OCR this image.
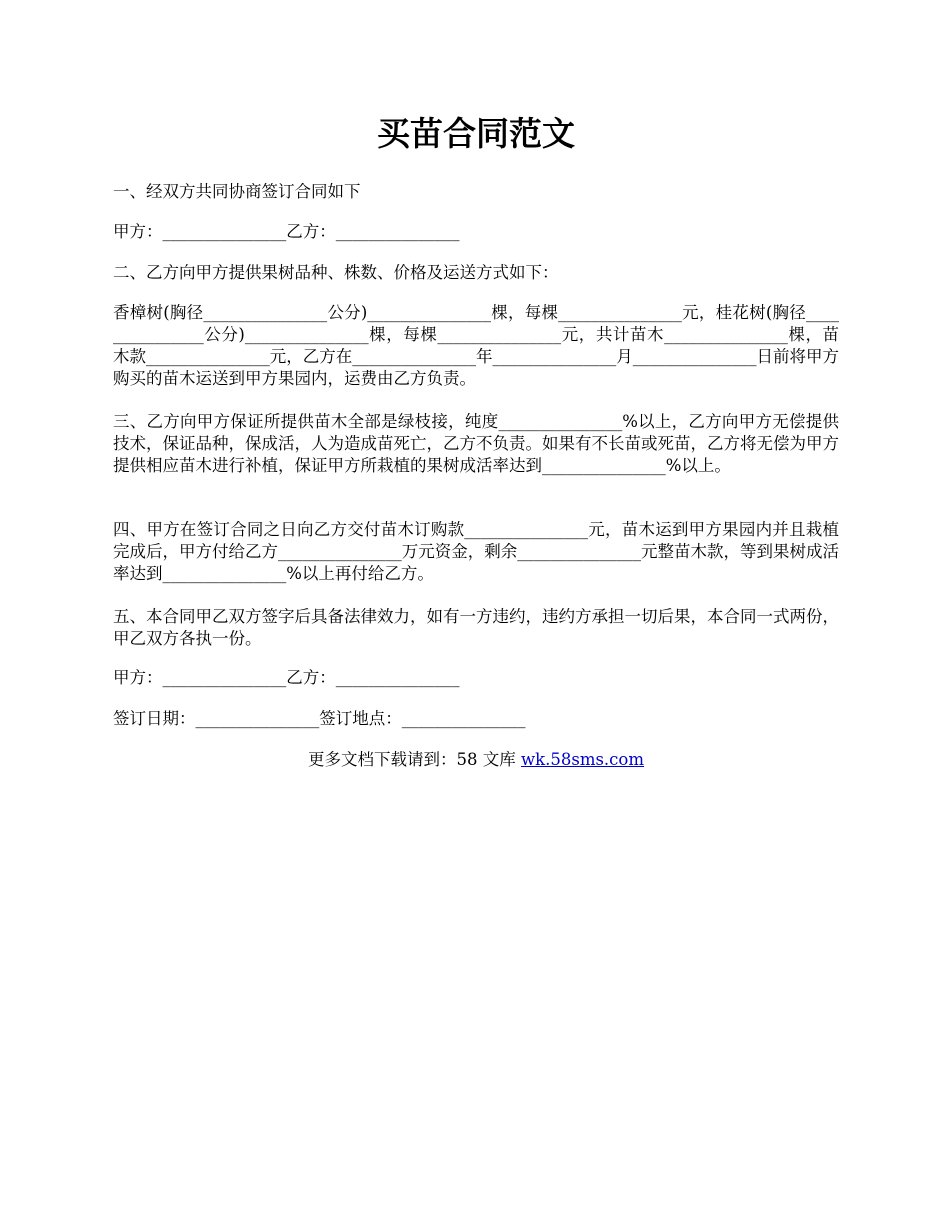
买苗合同范文

一、经双方共同协商签订合同如下

甲方：_______________乙方：_______________

二、乙方向甲方提供果树品种、株数、价格及运送方式如下：

香樟树(胸径_______________公分)_______________棵，每棵_______________元，桂花树(胸径_______________公分)_______________棵，每棵_______________元，共计苗木_______________棵，苗木款_______________元，乙方在_______________年_______________月_______________日前将甲方购买的苗木运送到甲方果园内，运费由乙方负责。

三、乙方向甲方保证所提供苗木全部是绿枝接，纯度_______________%以上，乙方向甲方无偿提供技术，保证品种，保成活，人为造成苗死亡，乙方不负责。如果有不长苗或死苗，乙方将无偿为甲方提供相应苗木进行补植，保证甲方所栽植的果树成活率达到_______________%以上。

四、甲方在签订合同之日向乙方交付苗木订购款_______________元，苗木运到甲方果园内并且栽植完成后，甲方付给乙方_______________万元资金，剩余_______________元整苗木款，等到果树成活率达到_______________%以上再付给乙方。

五、本合同甲乙双方签字后具备法律效力，如有一方违约，违约方承担一切后果，本合同一式两份，甲乙双方各执一份。

甲方：_______________乙方：_______________

签订日期：_______________签订地点：_______________

更多文档下载请到：58 文库 wk.58sms.com
